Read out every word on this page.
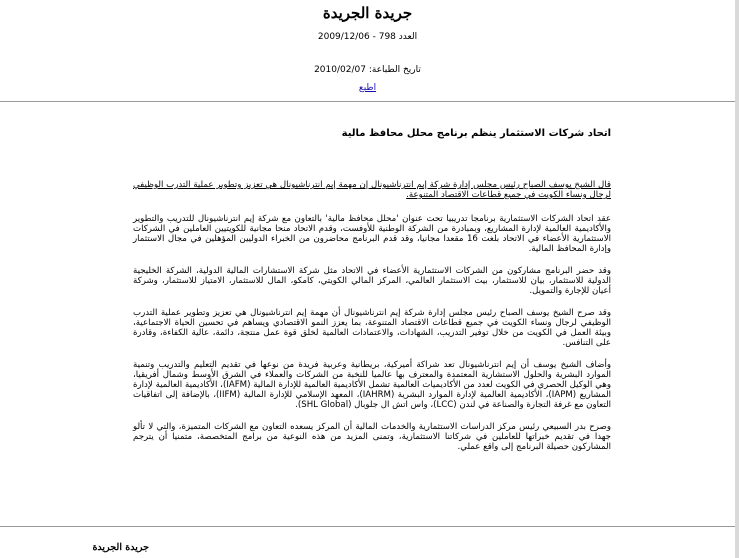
جريدة الجريدة
العدد 798 - 2009/12/06
تاريخ الطباعة: 2010/02/07
اطبع
اتحاد شركات الاستثمار ينظم برنامج محلل محافظ مالية

قال الشيخ يوسف الصباح رئيس مجلس إدارة شركة إيم انترناشيونال إن مهمة إيم انترناشيونال هي تعزيز وتطوير عملية التدرب الوظيفي لرجال ونساء الكويت في جميع قطاعات الاقتصاد المتنوعة.

عقد اتحاد الشركات الاستثمارية برنامجا تدريبيا تحت عنوان 'محلل محافظ مالية' بالتعاون مع شركة إيم انترناشيونال للتدريب والتطوير والأكاديمية العالمية لإدارة المشاريع، وبمبادرة من الشركة الوطنية للأوفست، وقدم الاتحاد منحا مجانية للكويتيين العاملين في الشركات الاستثمارية الأعضاء في الاتحاد بلغت 16 مقعدا مجانيا، وقد قدم البرنامج محاضرون من الخبراء الدوليين المؤهلين في مجال الاستثمار وإدارة المحافظ المالية.

وقد حضر البرنامج مشاركون من الشركات الاستثمارية الأعضاء في الاتحاد مثل شركة الاستشارات المالية الدولية، الشركة الخليجية الدولية للاستثمار، بيان للاستثمار، بيت الاستثمار العالمي، المركز المالي الكويتي، كامكو، المال للاستثمار، الامتياز للاستثمار، وشركة أعيان للإجارة والتمويل.

وقد صرح الشيخ يوسف الصباح رئيس مجلس إدارة شركة إيم انترناشيونال أن مهمة إيم انترناشيونال هي تعزيز وتطوير عملية التدرب الوظيفي لرجال ونساء الكويت في جميع قطاعات الاقتصاد المتنوعة، بما يعزز النمو الاقتصادي ويساهم في تحسين الحياة الاجتماعية، وبيئة العمل في الكويت من خلال توفير التدريب، الشهادات، والاعتمادات العالمية لخلق قوة عمل منتجة، دائمة، عالية الكفاءة، وقادرة على التنافس.

وأضاف الشيخ يوسف أن إيم انترناشيونال تعد شراكة أميركية، بريطانية وعربية فريدة من نوعها في تقديم التعليم والتدريب وتنمية الموارد البشرية والحلول الاستشارية المعتمدة والمعترف بها عالميا للنخبة من الشركات والعملاء في الشرق الأوسط وشمال أفريقيا، وهي الوكيل الحصري في الكويت لعدد من الأكاديميات العالمية تشمل الأكاديمية العالمية للإدارة المالية (IAFM)، الأكاديمية العالمية لإدارة المشاريع (IAPM)، الأكاديمية العالمية لإدارة الموارد البشرية (IAHRM)، المعهد الإسلامي للإدارة المالية (IIFM)، بالإضافة إلى اتفاقيات التعاون مع غرفة التجارة والصناعة في لندن (LCC)، واس اتش ال جلوبال (SHL Global).

وصرح بدر السبيعي رئيس مركز الدراسات الاستثمارية والخدمات المالية أن المركز يسعده التعاون مع الشركات المتميزة، والتي لا تألو جهدا في تقديم خبراتها للعاملين في شركاتنا الاستثمارية، وتمنى المزيد من هذه النوعية من برامج المتخصصة، متمنيا أن يترجم المشاركون حصيلة البرنامج إلى واقع عملي.

جريدة الجريدة
